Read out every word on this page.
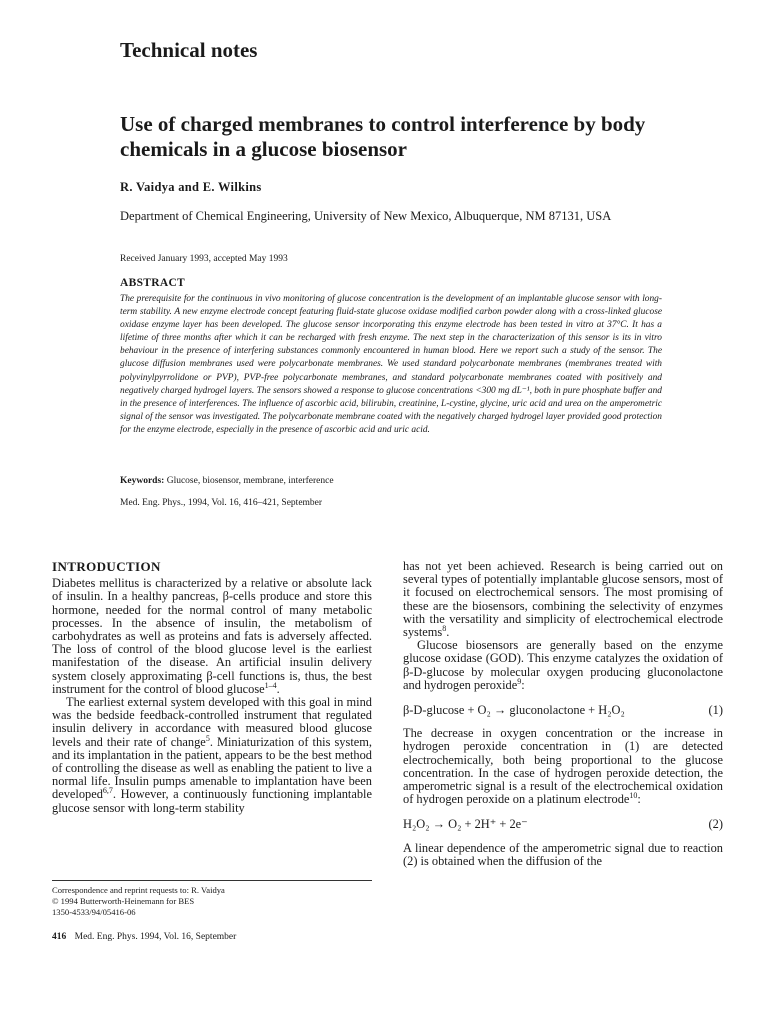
Technical notes
Use of charged membranes to control interference by body chemicals in a glucose biosensor
R. Vaidya and E. Wilkins
Department of Chemical Engineering, University of New Mexico, Albuquerque, NM 87131, USA
Received January 1993, accepted May 1993
ABSTRACT

The prerequisite for the continuous in vivo monitoring of glucose concentration is the development of an implantable glucose sensor with long-term stability. A new enzyme electrode concept featuring fluid-state glucose oxidase modified carbon powder along with a cross-linked glucose oxidase enzyme layer has been developed. The glucose sensor incorporating this enzyme electrode has been tested in vitro at 37°C. It has a lifetime of three months after which it can be recharged with fresh enzyme. The next step in the characterization of this sensor is its in vitro behaviour in the presence of interfering substances commonly encountered in human blood. Here we report such a study of the sensor. The glucose diffusion membranes used were polycarbonate membranes. We used standard polycarbonate membranes (membranes treated with polyvinylpyrrolidone or PVP), PVP-free polycarbonate membranes, and standard polycarbonate membranes coated with positively and negatively charged hydrogel layers. The sensors showed a response to glucose concentrations <300 mg dL⁻¹, both in pure phosphate buffer and in the presence of interferences. The influence of ascorbic acid, bilirubin, creatinine, L-cystine, glycine, uric acid and urea on the amperometric signal of the sensor was investigated. The polycarbonate membrane coated with the negatively charged hydrogel layer provided good protection for the enzyme electrode, especially in the presence of ascorbic acid and uric acid.

Keywords: Glucose, biosensor, membrane, interference
Med. Eng. Phys., 1994, Vol. 16, 416–421, September
INTRODUCTION

Diabetes mellitus is characterized by a relative or absolute lack of insulin. In a healthy pancreas, β-cells produce and store this hormone, needed for the normal control of many metabolic processes. In the absence of insulin, the metabolism of carbohydrates as well as proteins and fats is adversely affected. The loss of control of the blood glucose level is the earliest manifestation of the disease. An artificial insulin delivery system closely approximating β-cell functions is, thus, the best instrument for the control of blood glucose$^{1-4}$.

The earliest external system developed with this goal in mind was the bedside feedback-controlled instrument that regulated insulin delivery in accordance with measured blood glucose levels and their rate of change$^5$. Miniaturization of this system, and its implantation in the patient, appears to be the best method of controlling the disease as well as enabling the patient to live a normal life. Insulin pumps amenable to implantation have been developed$^{6,7}$. However, a continuously functioning implantable glucose sensor with long-term stability

has not yet been achieved. Research is being carried out on several types of potentially implantable glucose sensors, most of it focused on electrochemical sensors. The most promising of these are the biosensors, combining the selectivity of enzymes with the versatility and simplicity of electrochemical electrode systems$^8$.

Glucose biosensors are generally based on the enzyme glucose oxidase (GOD). This enzyme catalyzes the oxidation of β-D-glucose by molecular oxygen producing gluconolactone and hydrogen peroxide$^9$:

β-D-glucose + O₂ → gluconolactone + H₂O₂	(1)

The decrease in oxygen concentration or the increase in hydrogen peroxide concentration in (1) are detected electrochemically, both being proportional to the glucose concentration. In the case of hydrogen peroxide detection, the amperometric signal is a result of the electrochemical oxidation of hydrogen peroxide on a platinum electrode$^{10}$:

H₂O₂ → O₂ + 2H⁺ + 2e⁻	(2)

A linear dependence of the amperometric signal due to reaction (2) is obtained when the diffusion of the

Correspondence and reprint requests to: R. Vaidya
© 1994 Butterworth-Heinemann for BES
1350-4533/94/05416-06
416 Med. Eng. Phys. 1994, Vol. 16, September
